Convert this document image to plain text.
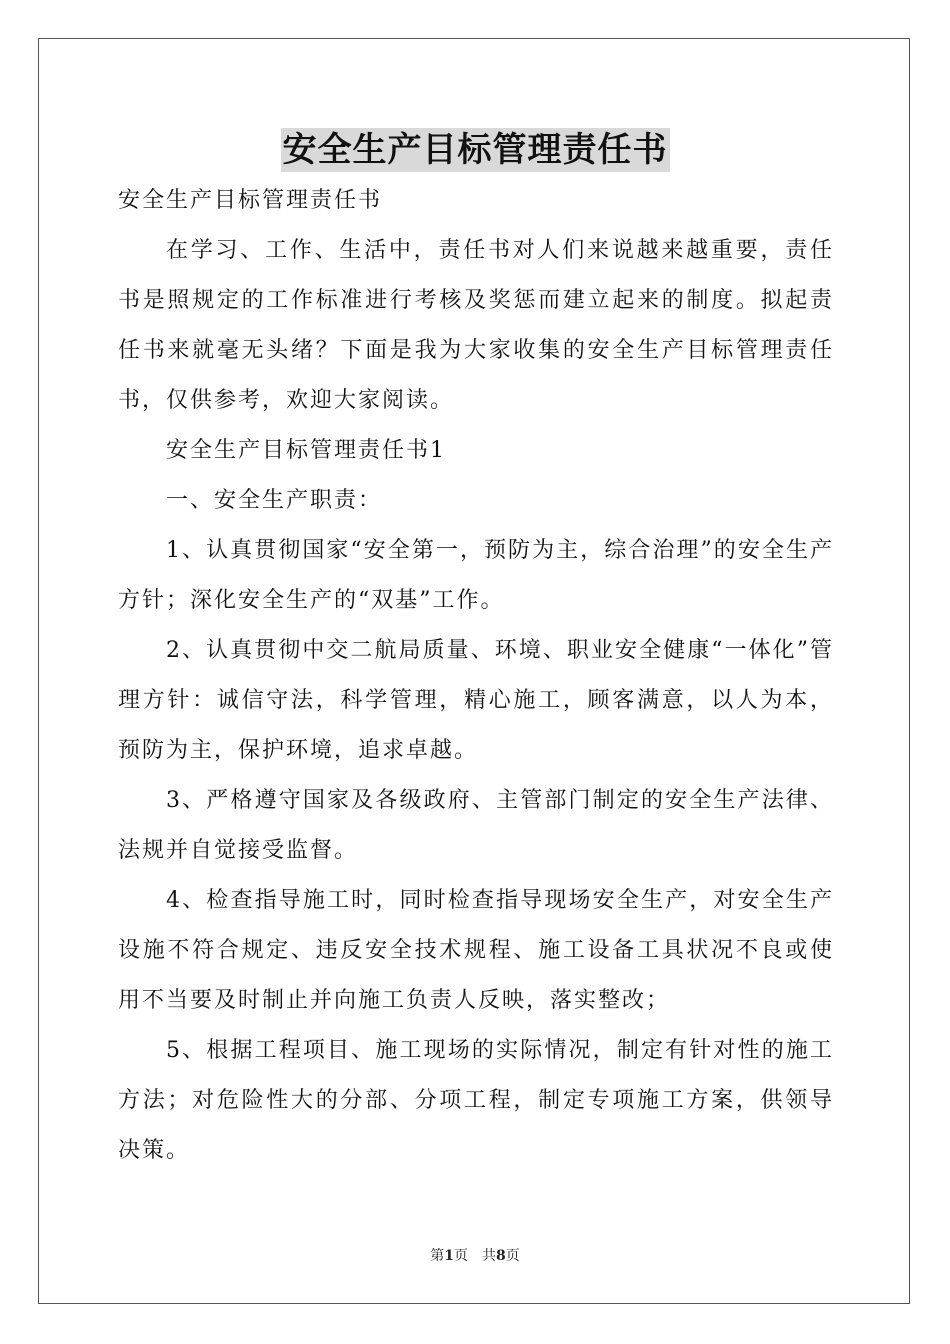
安全生产目标管理责任书

安全生产目标管理责任书

在学习、工作、生活中，责任书对人们来说越来越重要，责任书是照规定的工作标准进行考核及奖惩而建立起来的制度。拟起责任书来就毫无头绪？下面是我为大家收集的安全生产目标管理责任书，仅供参考，欢迎大家阅读。

安全生产目标管理责任书1

一、安全生产职责：

1、认真贯彻国家“安全第一，预防为主，综合治理”的安全生产方针；深化安全生产的“双基”工作。

2、认真贯彻中交二航局质量、环境、职业安全健康“一体化”管理方针：诚信守法，科学管理，精心施工，顾客满意，以人为本，预防为主，保护环境，追求卓越。

3、严格遵守国家及各级政府、主管部门制定的安全生产法律、法规并自觉接受监督。

4、检查指导施工时，同时检查指导现场安全生产，对安全生产设施不符合规定、违反安全技术规程、施工设备工具状况不良或使用不当要及时制止并向施工负责人反映，落实整改；

5、根据工程项目、施工现场的实际情况，制定有针对性的施工方法；对危险性大的分部、分项工程，制定专项施工方案，供领导决策。

第1页 共8页
